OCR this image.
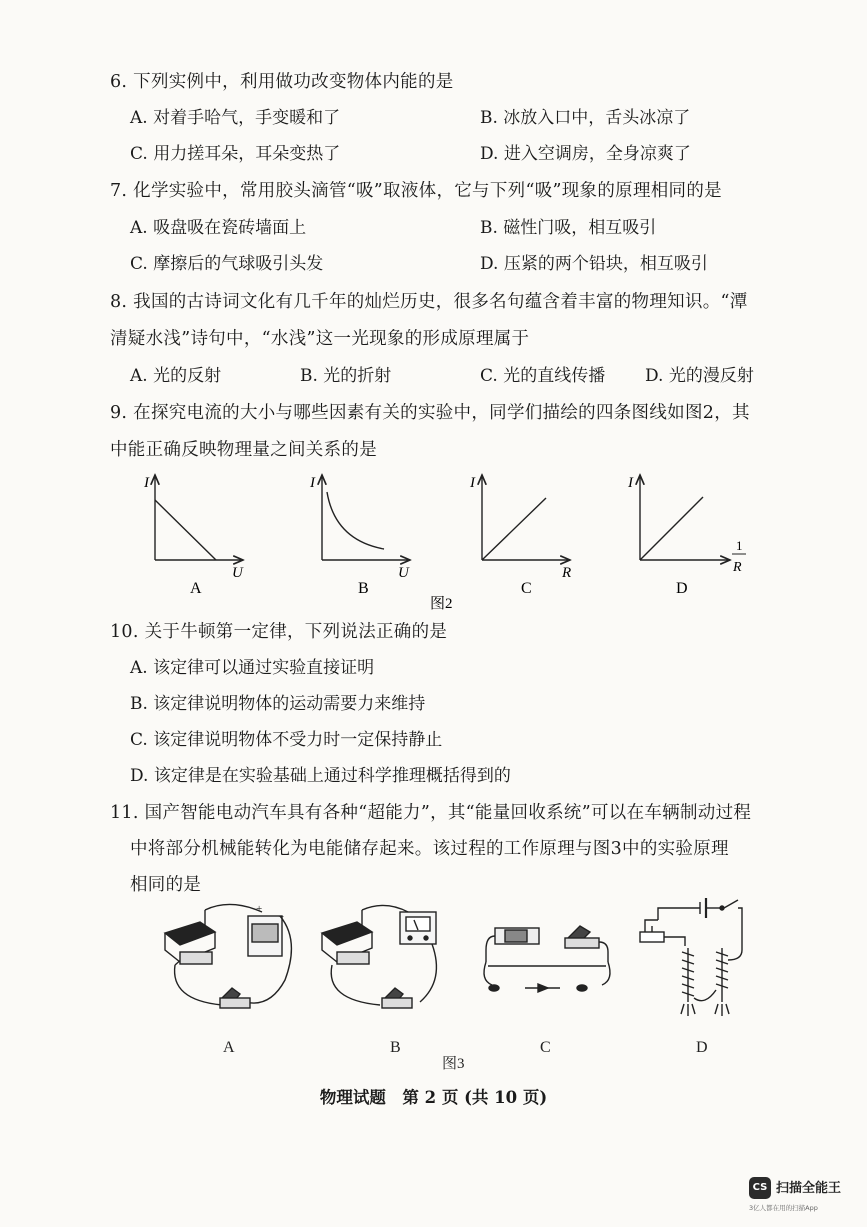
6. 下列实例中，利用做功改变物体内能的是
A. 对着手哈气，手变暖和了	B. 冰放入口中，舌头冰凉了
C. 用力搓耳朵，耳朵变热了	D. 进入空调房，全身凉爽了
7. 化学实验中，常用胶头滴管“吸”取液体，它与下列“吸”现象的原理相同的是
A. 吸盘吸在瓷砖墙面上	B. 磁性门吸，相互吸引
C. 摩擦后的气球吸引头发	D. 压紧的两个铅块，相互吸引
8. 我国的古诗词文化有几千年的灿烂历史，很多名句蕴含着丰富的物理知识。“潭
清疑水浅”诗句中，“水浅”这一光现象的形成原理属于
A. 光的反射	B. 光的折射	C. 光的直线传播 D. 光的漫反射
9. 在探究电流的大小与哪些因素有关的实验中，同学们描绘的四条图线如图2，其
中能正确反映物理量之间关系的是
I
U
A
I
U
B
I
R
C
I
1
R
D
图2
10. 关于牛顿第一定律，下列说法正确的是
A. 该定律可以通过实验直接证明
B. 该定律说明物体的运动需要力来维持
C. 该定律说明物体不受力时一定保持静止
D. 该定律是在实验基础上通过科学推理概括得到的
11. 国产智能电动汽车具有各种“超能力”，其“能量回收系统”可以在车辆制动过程
中将部分机械能转化为电能储存起来。该过程的工作原理与图3中的实验原理
相同的是
+
−
A	B	C	D
图3
物理试题　第 2 页 (共 10 页)
CS 扫描全能王
3亿人都在用的扫描App
